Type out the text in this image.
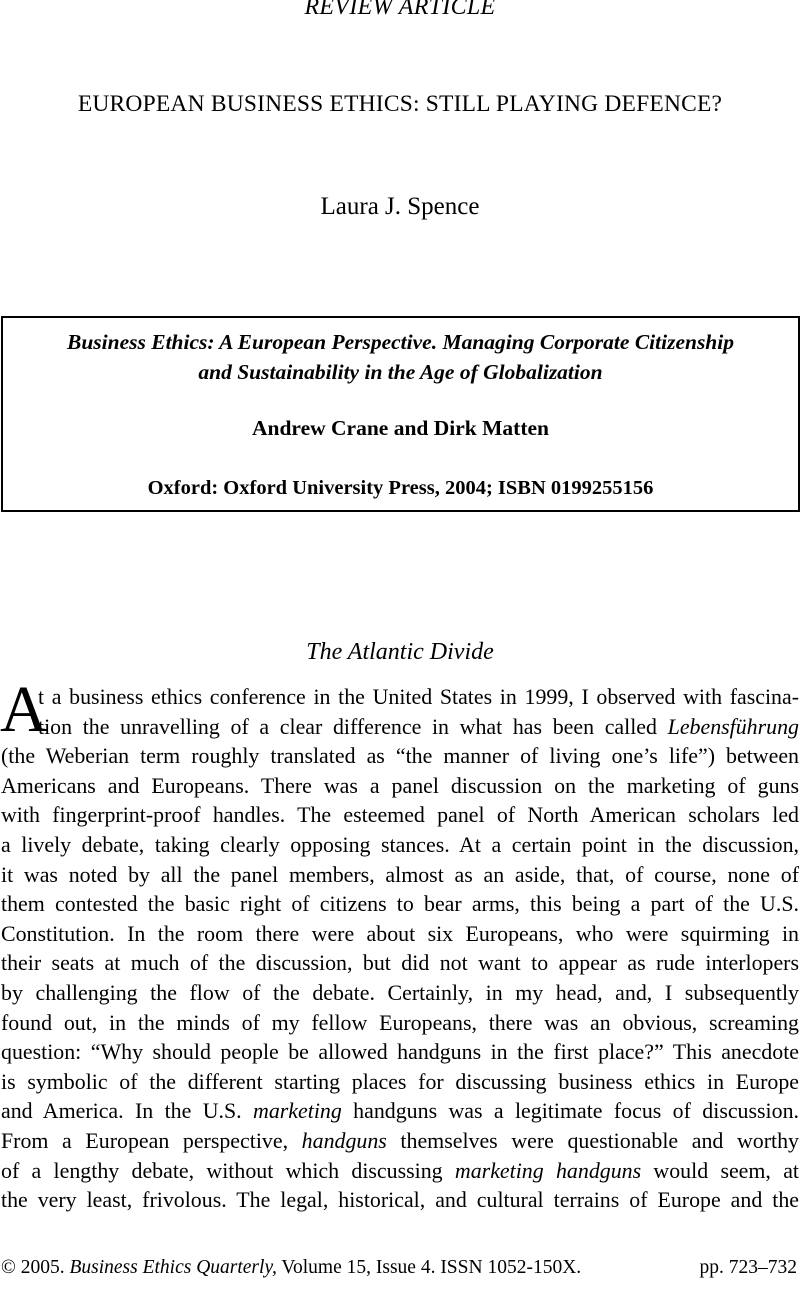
REVIEW ARTICLE
EUROPEAN BUSINESS ETHICS: STILL PLAYING DEFENCE?
Laura J. Spence
Business Ethics: A European Perspective. Managing Corporate Citizenship
and Sustainability in the Age of Globalization
Andrew Crane and Dirk Matten
Oxford: Oxford University Press, 2004; ISBN 0199255156
The Atlantic Divide
A
t a business ethics conference in the United States in 1999, I observed with fascina-
tion the unravelling of a clear difference in what has been called Lebensführung
(the Weberian term roughly translated as “the manner of living one’s life”) between
Americans and Europeans. There was a panel discussion on the marketing of guns
with fingerprint-proof handles. The esteemed panel of North American scholars led
a lively debate, taking clearly opposing stances. At a certain point in the discussion,
it was noted by all the panel members, almost as an aside, that, of course, none of
them contested the basic right of citizens to bear arms, this being a part of the U.S.
Constitution. In the room there were about six Europeans, who were squirming in
their seats at much of the discussion, but did not want to appear as rude interlopers
by challenging the flow of the debate. Certainly, in my head, and, I subsequently
found out, in the minds of my fellow Europeans, there was an obvious, screaming
question: “Why should people be allowed handguns in the first place?” This anecdote
is symbolic of the different starting places for discussing business ethics in Europe
and America. In the U.S. marketing handguns was a legitimate focus of discussion.
From a European perspective, handguns themselves were questionable and worthy
of a lengthy debate, without which discussing marketing handguns would seem, at
the very least, frivolous. The legal, historical, and cultural terrains of Europe and the
© 2005. Business Ethics Quarterly, Volume 15, Issue 4. ISSN 1052-150X.	pp. 723–732
